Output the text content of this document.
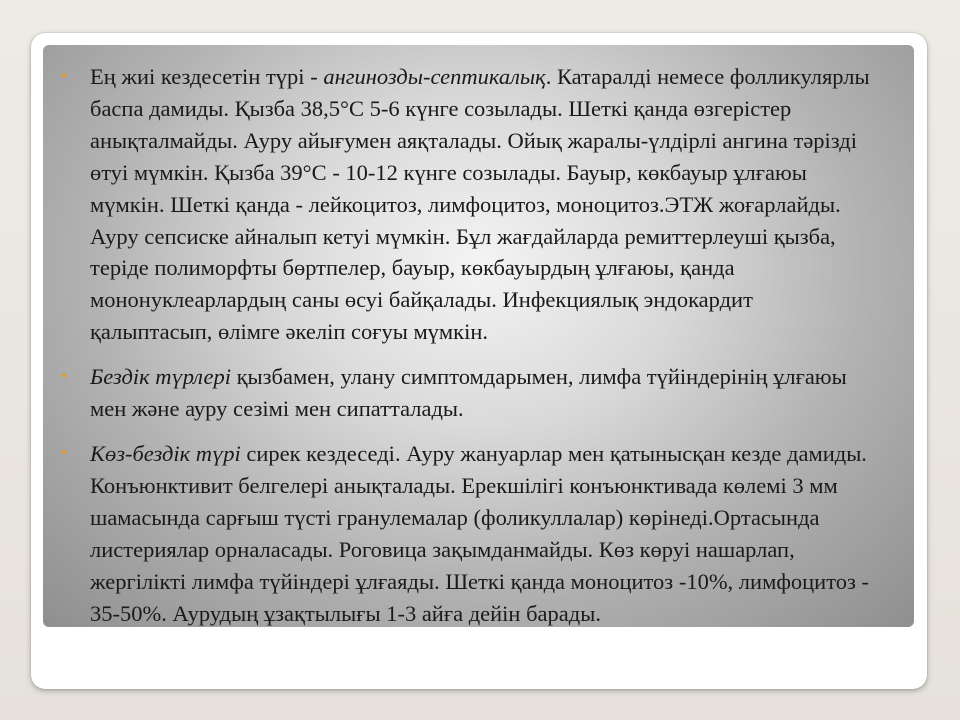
• Ең жиі кездесетін түрі - ангинозды-септикалық. Катаралді немесе фолликулярлы баспа дамиды. Қызба 38,5°С 5-6 күнге созылады. Шеткі қанда өзгерістер анықталмайды. Ауру айығумен аяқталады. Ойық жаралы-үлдірлі ангина тәрізді өтуі мүмкін. Қызба 39°С - 10-12 күнге созылады. Бауыр, көкбауыр ұлғаюы мүмкін. Шеткі қанда - лейкоцитоз, лимфоцитоз, моноцитоз.ЭТЖ жоғарлайды. Ауру сепсиске айналып кетуі мүмкін. Бұл жағдайларда ремиттерлеуші қызба, теріде полиморфты бөртпелер, бауыр, көкбауырдың ұлғаюы, қанда мононуклеарлардың саны өсуі байқалады. Инфекциялық эндокардит қалыптасып, өлімге әкеліп соғуы мүмкін.
• Бездік түрлері қызбамен, улану симптомдарымен, лимфа түйіндерінің ұлғаюы мен және ауру сезімі мен сипатталады.
• Көз-бездік түрі сирек кездеседі. Ауру жануарлар мен қатынысқан кезде дамиды. Конъюнктивит белгелері анықталады. Ерекшілігі конъюнктивада көлемі 3 мм шамасында сарғыш түсті гранулемалар (фоликуллалар) көрінеді.Ортасында листериялар орналасады. Роговица зақымданмайды. Көз көруі нашарлап, жергілікті лимфа түйіндері ұлғаяды. Шеткі қанда моноцитоз -10%, лимфоцитоз - 35-50%. Аурудың ұзақтылығы 1-3 айға дейін барады.
